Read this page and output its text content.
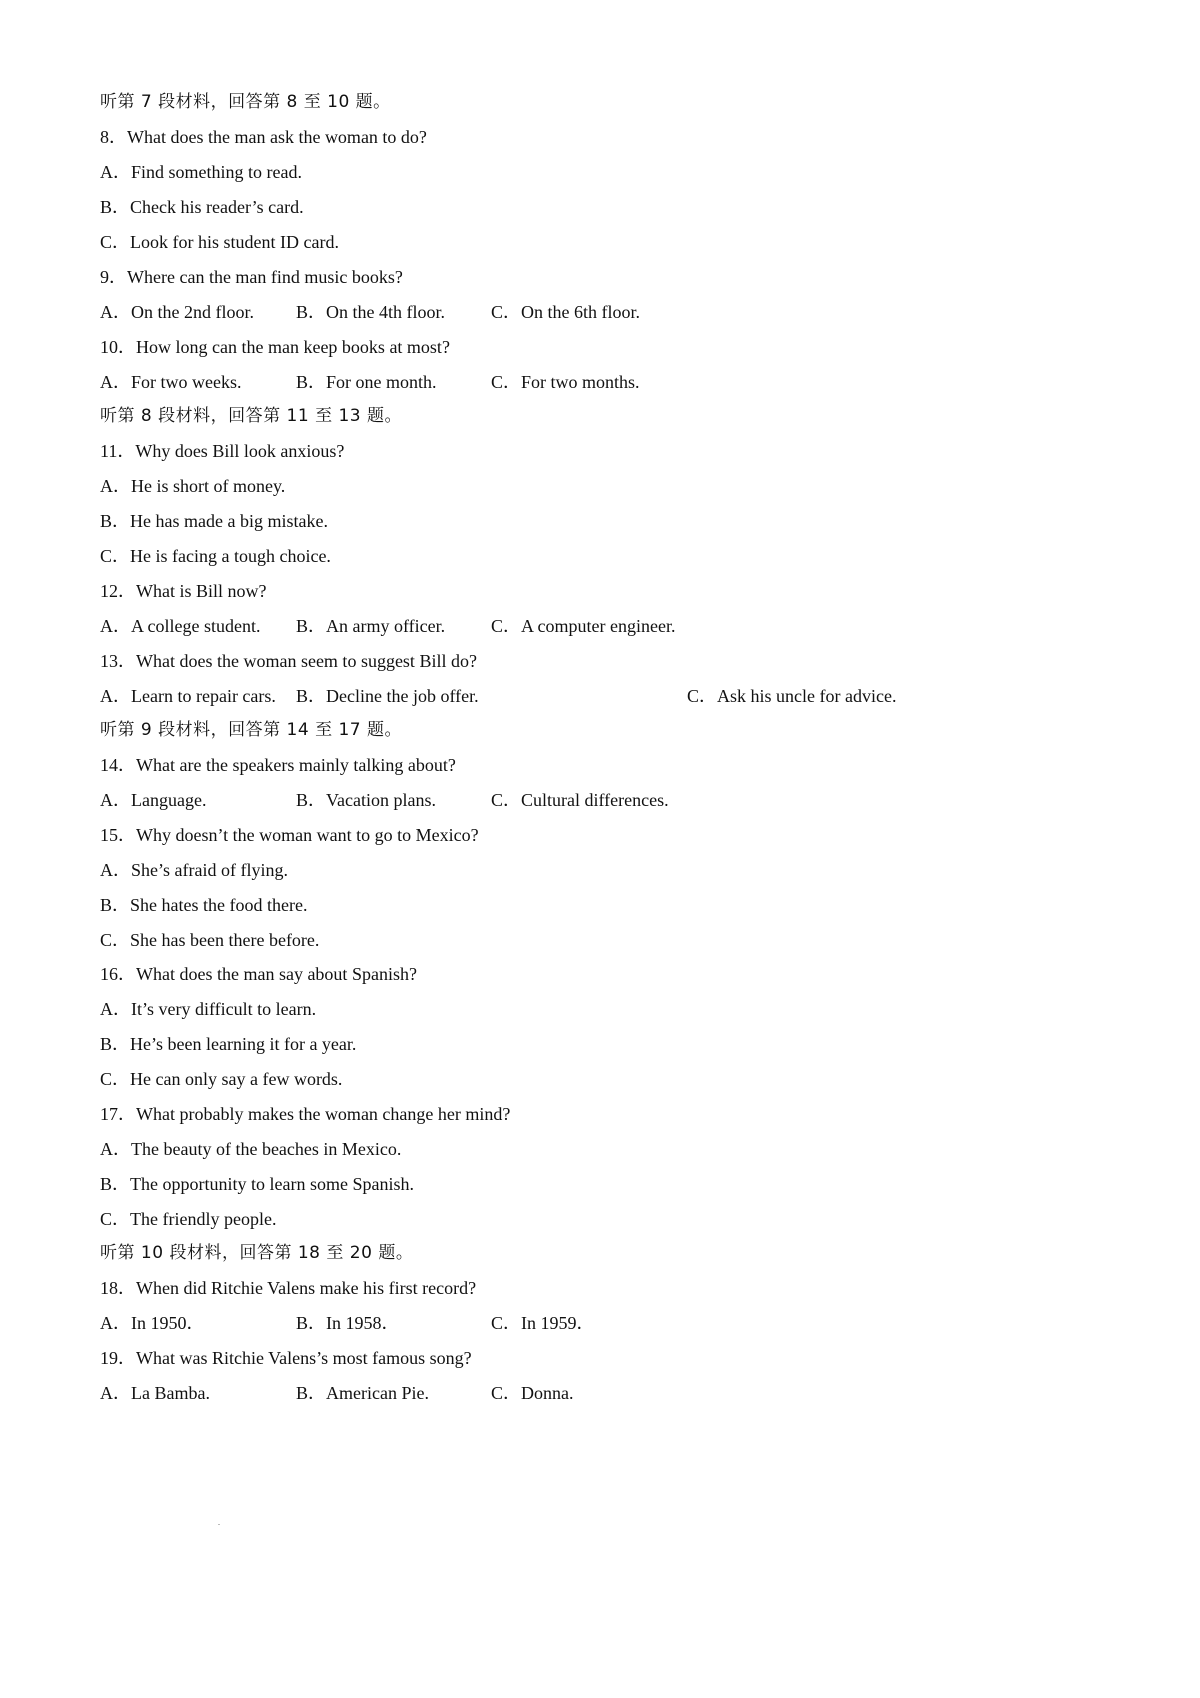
听第 7 段材料，回答第 8 至 10 题。
8．What does the man ask the woman to do?
A．Find something to read.
B．Check his reader’s card.
C．Look for his student ID card.
9．Where can the man find music books?
A．On the 2nd floor. B．On the 4th floor.	C．On the 6th floor.
10．How long can the man keep books at most?
A．For two weeks.	B．For one month.	C．For two months.
听第 8 段材料，回答第 11 至 13 题。
11．Why does Bill look anxious?
A．He is short of money.
B．He has made a big mistake.
C．He is facing a tough choice.
12．What is Bill now?
A．A college student. B．An army officer.	C．A computer engineer.
13．What does the woman seem to suggest Bill do?
A．Learn to repair cars. B．Decline the job offer.	C．Ask his uncle for advice.
听第 9 段材料，回答第 14 至 17 题。
14．What are the speakers mainly talking about?
A．Language.	B．Vacation plans.	C．Cultural differences.
15．Why doesn’t the woman want to go to Mexico?
A．She’s afraid of flying.
B．She hates the food there.
C．She has been there before.
16．What does the man say about Spanish?
A．It’s very difficult to learn.
B．He’s been learning it for a year.
C．He can only say a few words.
17．What probably makes the woman change her mind?
A．The beauty of the beaches in Mexico.
B．The opportunity to learn some Spanish.
C．The friendly people.
听第 10 段材料，回答第 18 至 20 题。
18．When did Ritchie Valens make his first record?
A．In 1950．	B．In 1958．	C．In 1959．
19．What was Ritchie Valens’s most famous song?
A．La Bamba.	B．American Pie.	C．Donna.
